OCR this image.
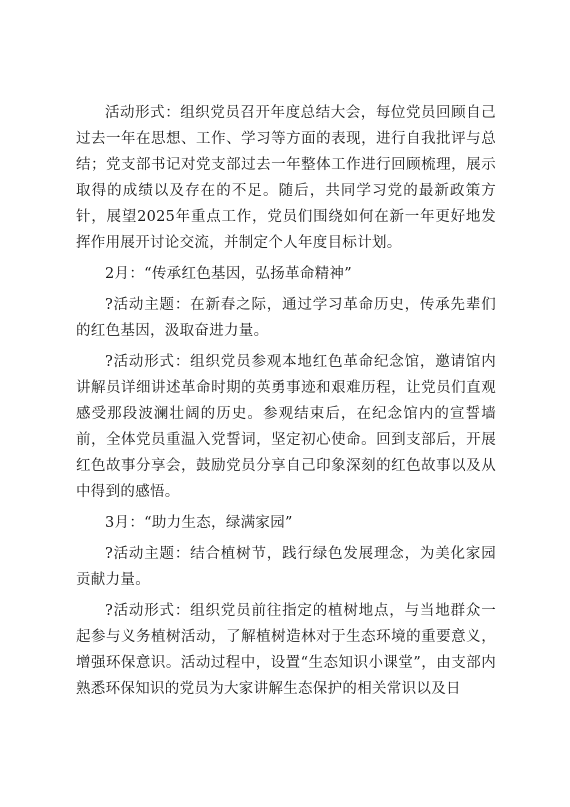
活动形式：组织党员召开年度总结大会，每位党员回顾自己过去一年在思想、工作、学习等方面的表现，进行自我批评与总结；党支部书记对党支部过去一年整体工作进行回顾梳理，展示取得的成绩以及存在的不足。随后，共同学习党的最新政策方针，展望2025年重点工作，党员们围绕如何在新一年更好地发挥作用展开讨论交流，并制定个人年度目标计划。

2月：“传承红色基因，弘扬革命精神”

?活动主题：在新春之际，通过学习革命历史，传承先辈们的红色基因，汲取奋进力量。

?活动形式：组织党员参观本地红色革命纪念馆，邀请馆内讲解员详细讲述革命时期的英勇事迹和艰难历程，让党员们直观感受那段波澜壮阔的历史。参观结束后，在纪念馆内的宣誓墙前，全体党员重温入党誓词，坚定初心使命。回到支部后，开展红色故事分享会，鼓励党员分享自己印象深刻的红色故事以及从中得到的感悟。

3月：“助力生态，绿满家园”

?活动主题：结合植树节，践行绿色发展理念，为美化家园贡献力量。

?活动形式：组织党员前往指定的植树地点，与当地群众一起参与义务植树活动，了解植树造林对于生态环境的重要意义，增强环保意识。活动过程中，设置“生态知识小课堂”，由支部内熟悉环保知识的党员为大家讲解生态保护的相关常识以及日
